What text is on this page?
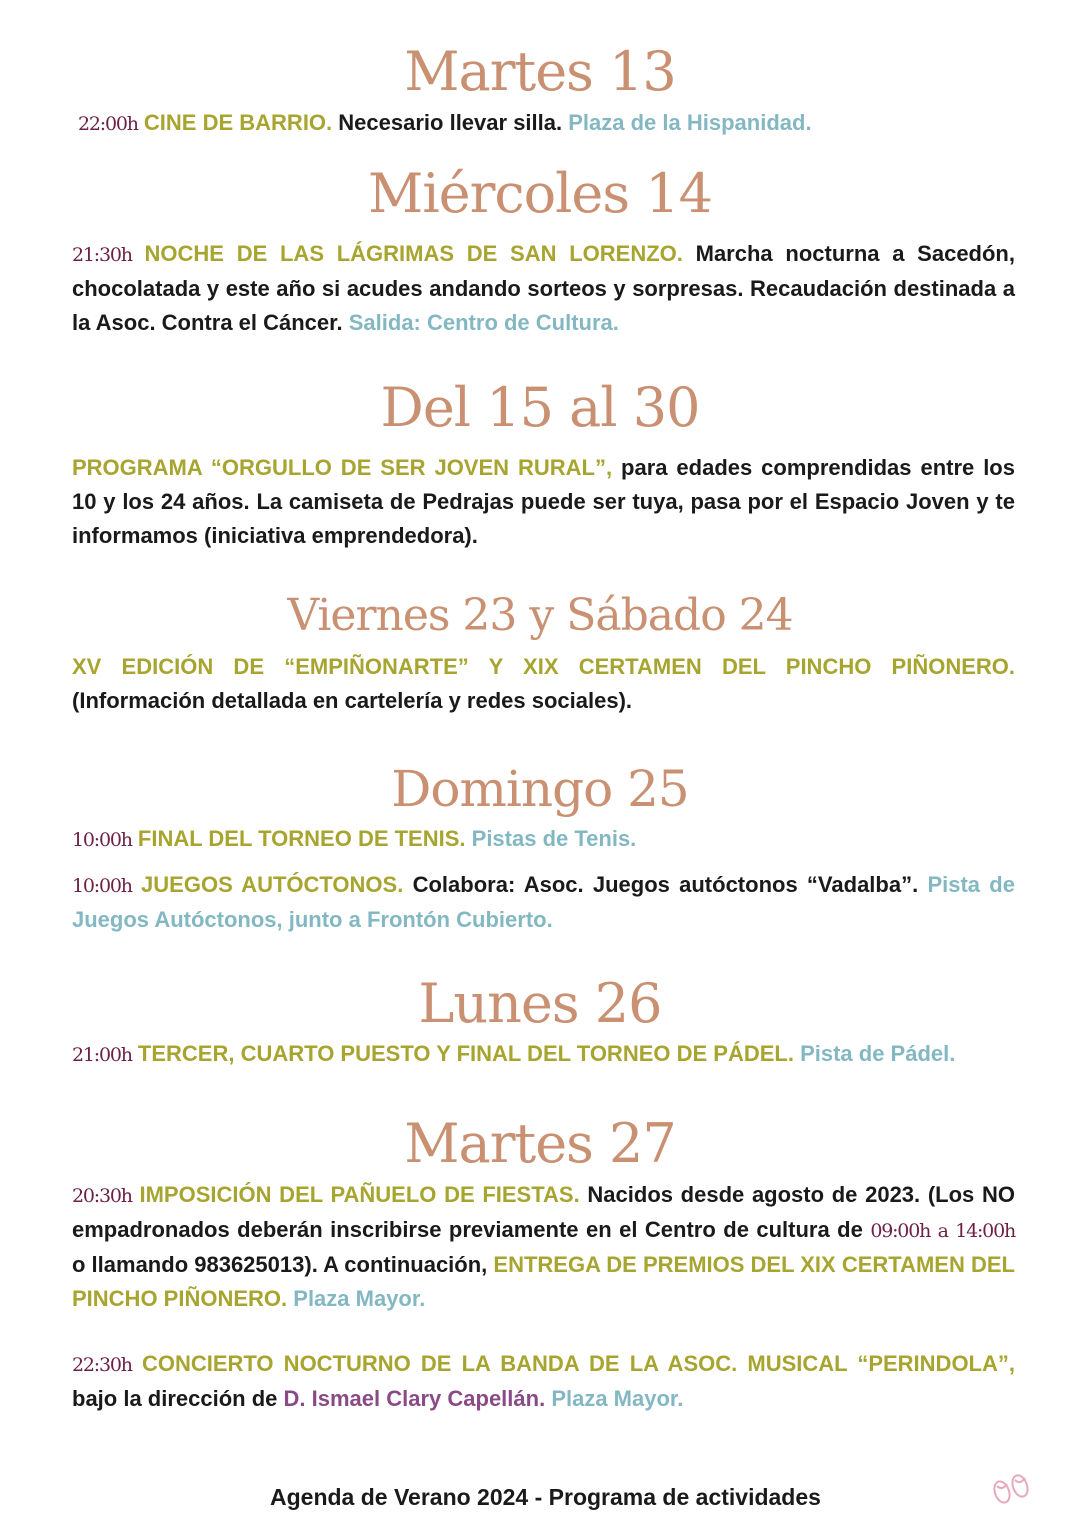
Martes 13

22:00h CINE DE BARRIO. Necesario llevar silla. Plaza de la Hispanidad.

Miércoles 14

21:30h NOCHE DE LAS LÁGRIMAS DE SAN LORENZO. Marcha nocturna a Sacedón, chocolatada y este año si acudes andando sorteos y sorpresas. Recaudación destinada a la Asoc. Contra el Cáncer. Salida: Centro de Cultura.

Del 15 al 30

PROGRAMA “ORGULLO DE SER JOVEN RURAL”, para edades comprendidas entre los 10 y los 24 años. La camiseta de Pedrajas puede ser tuya, pasa por el Espacio Joven y te informamos (iniciativa emprendedora).

Viernes 23 y Sábado 24

XV EDICIÓN DE “EMPIÑONARTE” Y XIX CERTAMEN DEL PINCHO PIÑONERO. (Información detallada en cartelería y redes sociales).

Domingo 25

10:00h FINAL DEL TORNEO DE TENIS. Pistas de Tenis.

10:00h JUEGOS AUTÓCTONOS. Colabora: Asoc. Juegos autóctonos “Vadalba”. Pista de Juegos Autóctonos, junto a Frontón Cubierto.

Lunes 26

21:00h TERCER, CUARTO PUESTO Y FINAL DEL TORNEO DE PÁDEL. Pista de Pádel.

Martes 27

20:30h IMPOSICIÓN DEL PAÑUELO DE FIESTAS. Nacidos desde agosto de 2023. (Los NO empadronados deberán inscribirse previamente en el Centro de cultura de 09:00h a 14:00h o llamando 983625013). A continuación, ENTREGA DE PREMIOS DEL XIX CERTAMEN DEL PINCHO PIÑONERO. Plaza Mayor.

22:30h CONCIERTO NOCTURNO DE LA BANDA DE LA ASOC. MUSICAL “PERINDOLA”, bajo la dirección de D. Ismael Clary Capellán. Plaza Mayor.

Agenda de Verano 2024 - Programa de actividades
